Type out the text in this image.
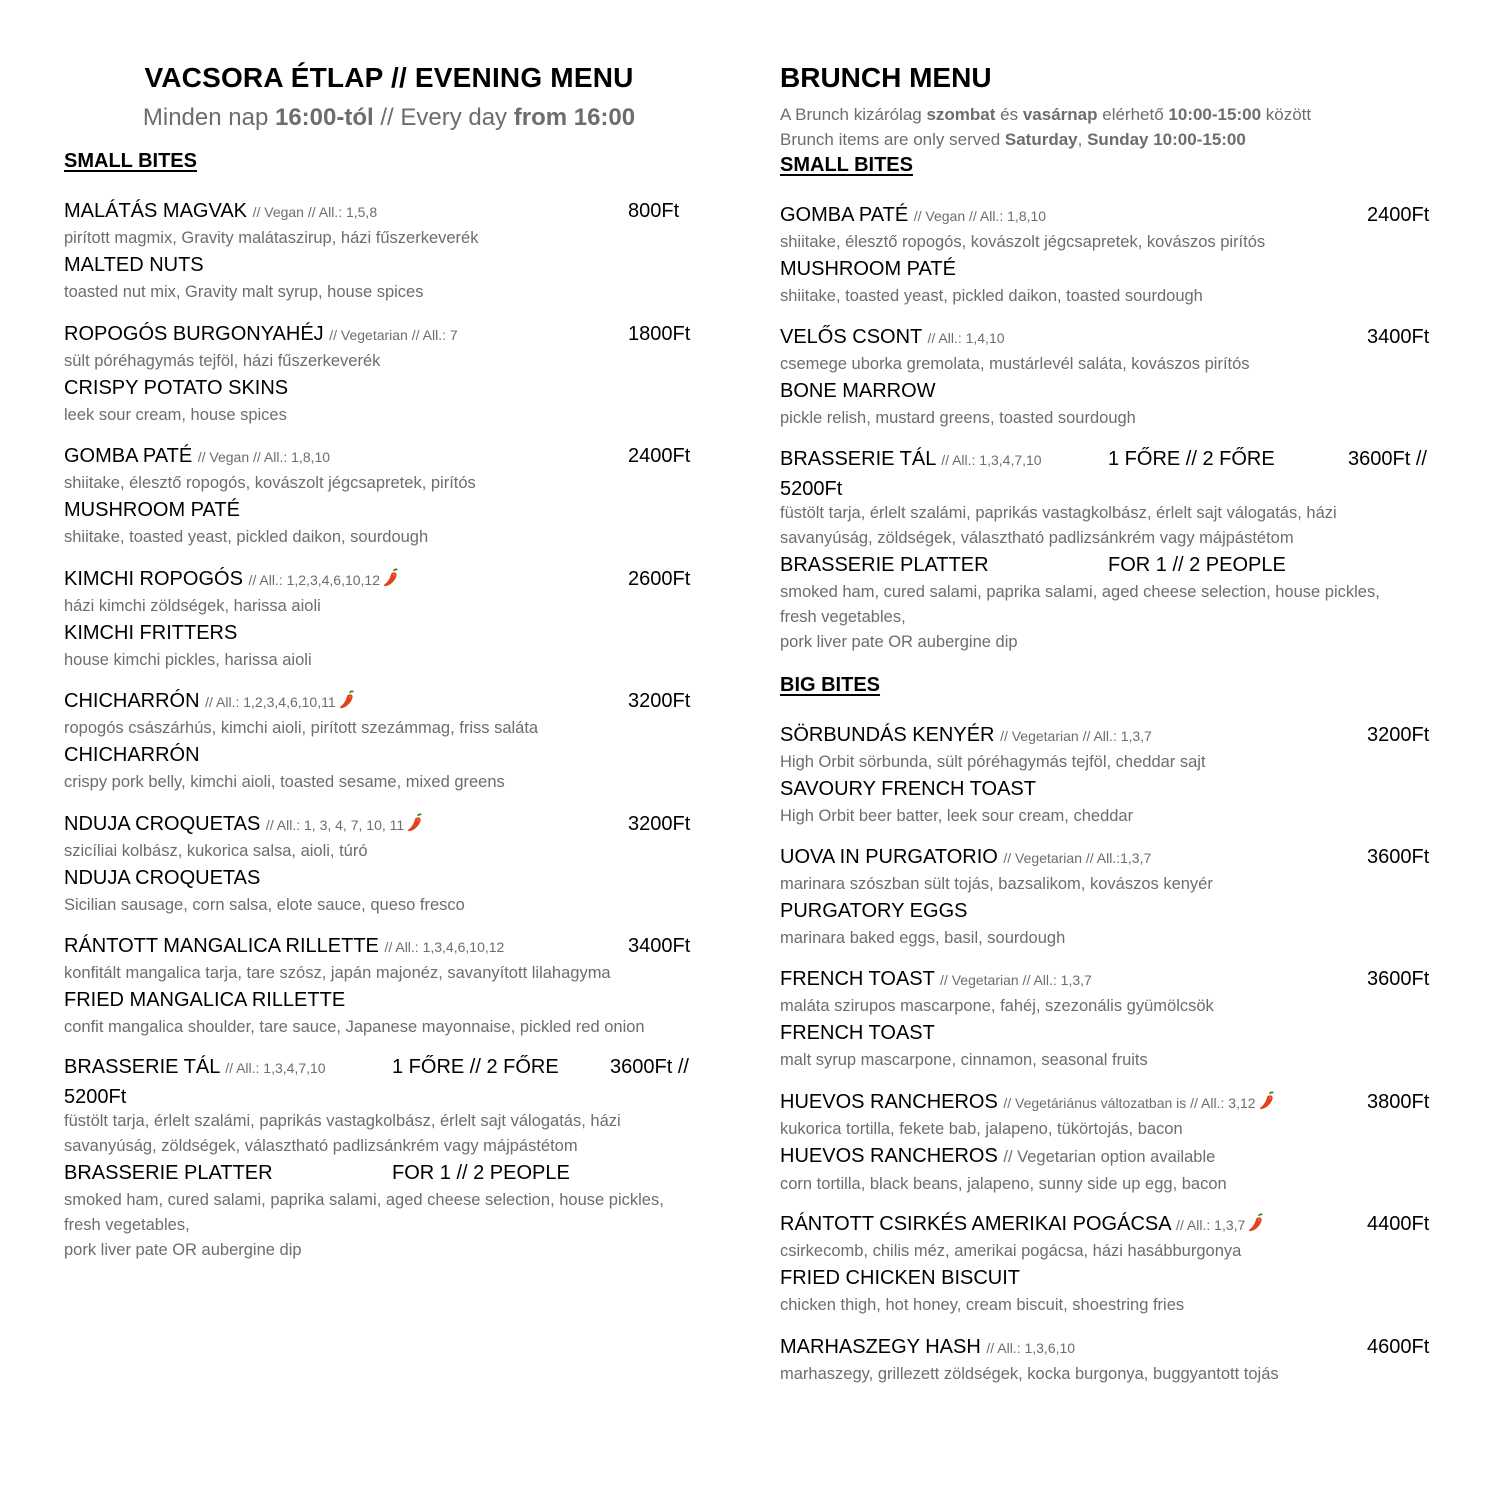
VACSORA ÉTLAP // EVENING MENU
Minden nap 16:00-tól // Every day from 16:00
SMALL BITES
BRUNCH MENU
A Brunch kizárólag szombat és vasárnap elérhető 10:00-15:00 között
Brunch items are only served Saturday, Sunday 10:00-15:00
SMALL BITES
BIG BITES
MALÁTÁS MAGVAK // Vegan // All.: 1,5,8	800Ft
pirított magmix, Gravity malátaszirup, házi fűszerkeverék
MALTED NUTS
toasted nut mix, Gravity malt syrup, house spices
ROPOGÓS BURGONYAHÉJ // Vegetarian // All.: 7	1800Ft
sült póréhagymás tejföl, házi fűszerkeverék
CRISPY POTATO SKINS
leek sour cream, house spices
GOMBA PATÉ // Vegan // All.: 1,8,10	2400Ft
shiitake, élesztő ropogós, kovászolt jégcsapretek, pirítós
MUSHROOM PATÉ
shiitake, toasted yeast, pickled daikon, sourdough
KIMCHI ROPOGÓS // All.: 1,2,3,4,6,10,12	2600Ft
házi kimchi zöldségek, harissa aioli
KIMCHI FRITTERS
house kimchi pickles, harissa aioli
CHICHARRÓN // All.: 1,2,3,4,6,10,11	3200Ft
ropogós császárhús, kimchi aioli, pirított szezámmag, friss saláta
CHICHARRÓN
crispy pork belly, kimchi aioli, toasted sesame, mixed greens
NDUJA CROQUETAS // All.: 1, 3, 4, 7, 10, 11	3200Ft
szicíliai kolbász, kukorica salsa, aioli, túró
NDUJA CROQUETAS
Sicilian sausage, corn salsa, elote sauce, queso fresco
RÁNTOTT MANGALICA RILLETTE // All.: 1,3,4,6,10,12	3400Ft
konfitált mangalica tarja, tare szósz, japán majonéz, savanyított lilahagyma
FRIED MANGALICA RILLETTE
confit mangalica shoulder, tare sauce, Japanese mayonnaise, pickled red onion
BRASSERIE TÁL // All.: 1,3,4,7,10	1 FŐRE // 2 FŐRE	3600Ft //
5200Ft
füstölt tarja, érlelt szalámi, paprikás vastagkolbász, érlelt sajt válogatás, házi
savanyúság, zöldségek, választható padlizsánkrém vagy májpástétom
BRASSERIE PLATTER	FOR 1 // 2 PEOPLE
smoked ham, cured salami, paprika salami, aged cheese selection, house pickles,
fresh vegetables,
pork liver pate OR aubergine dip
GOMBA PATÉ // Vegan // All.: 1,8,10	2400Ft
shiitake, élesztő ropogós, kovászolt jégcsapretek, kovászos pirítós
MUSHROOM PATÉ
shiitake, toasted yeast, pickled daikon, toasted sourdough
VELŐS CSONT // All.: 1,4,10	3400Ft
csemege uborka gremolata, mustárlevél saláta, kovászos pirítós
BONE MARROW
pickle relish, mustard greens, toasted sourdough
BRASSERIE TÁL // All.: 1,3,4,7,10	1 FŐRE // 2 FŐRE	3600Ft //
5200Ft
füstölt tarja, érlelt szalámi, paprikás vastagkolbász, érlelt sajt válogatás, házi
savanyúság, zöldségek, választható padlizsánkrém vagy májpástétom
BRASSERIE PLATTER	FOR 1 // 2 PEOPLE
smoked ham, cured salami, paprika salami, aged cheese selection, house pickles,
fresh vegetables,
pork liver pate OR aubergine dip
SÖRBUNDÁS KENYÉR // Vegetarian // All.: 1,3,7	3200Ft
High Orbit sörbunda, sült póréhagymás tejföl, cheddar sajt
SAVOURY FRENCH TOAST
High Orbit beer batter, leek sour cream, cheddar
UOVA IN PURGATORIO // Vegetarian // All.:1,3,7	3600Ft
marinara szószban sült tojás, bazsalikom, kovászos kenyér
PURGATORY EGGS
marinara baked eggs, basil, sourdough
FRENCH TOAST // Vegetarian // All.: 1,3,7	3600Ft
maláta szirupos mascarpone, fahéj, szezonális gyümölcsök
FRENCH TOAST
malt syrup mascarpone, cinnamon, seasonal fruits
HUEVOS RANCHEROS // Vegetáriánus változatban is // All.: 3,12	3800Ft
kukorica tortilla, fekete bab, jalapeno, tükörtojás, bacon
HUEVOS RANCHEROS // Vegetarian option available
corn tortilla, black beans, jalapeno, sunny side up egg, bacon
RÁNTOTT CSIRKÉS AMERIKAI POGÁCSA // All.: 1,3,7	4400Ft
csirkecomb, chilis méz, amerikai pogácsa, házi hasábburgonya
FRIED CHICKEN BISCUIT
chicken thigh, hot honey, cream biscuit, shoestring fries
MARHASZEGY HASH // All.: 1,3,6,10	4600Ft
marhaszegy, grillezett zöldségek, kocka burgonya, buggyantott tojás
